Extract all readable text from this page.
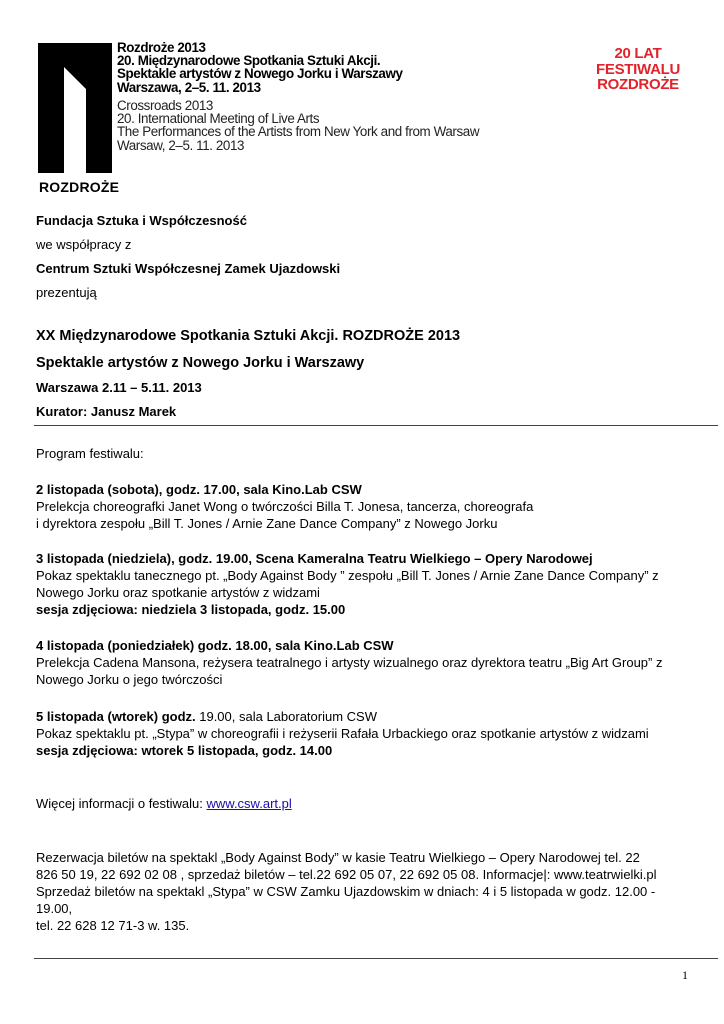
ROZDROŻE
Rozdroże 2013
20. Międzynarodowe Spotkania Sztuki Akcji.
Spektakle artystów z Nowego Jorku i Warszawy
Warszawa, 2–5. 11. 2013
Crossroads 2013
20. International Meeting of Live Arts
The Performances of the Artists from New York and from Warsaw
Warsaw, 2–5. 11. 2013
20 LAT
FESTIWALU
ROZDROŻE
Fundacja Sztuka i Współczesność
we współpracy z
Centrum Sztuki Współczesnej Zamek Ujazdowski
prezentują
XX Międzynarodowe Spotkania Sztuki Akcji. ROZDROŻE 2013
Spektakle artystów z Nowego Jorku i Warszawy
Warszawa 2.11 – 5.11. 2013
Kurator: Janusz Marek
Program festiwalu:
2 listopada (sobota), godz. 17.00, sala Kino.Lab CSW
Prelekcja choreografki Janet Wong o twórczości Billa T. Jonesa, tancerza, choreografa
i dyrektora zespołu „Bill T. Jones / Arnie Zane Dance Company” z Nowego Jorku
3 listopada (niedziela), godz. 19.00, Scena Kameralna Teatru Wielkiego – Opery Narodowej
Pokaz spektaklu tanecznego pt. „Body Against Body ” zespołu „Bill T. Jones / Arnie Zane Dance Company” z
Nowego Jorku oraz spotkanie artystów z widzami
sesja zdjęciowa: niedziela 3 listopada, godz. 15.00
4 listopada (poniedziałek) godz. 18.00, sala Kino.Lab CSW
Prelekcja Cadena Mansona, reżysera teatralnego i artysty wizualnego oraz dyrektora teatru „Big Art Group” z
Nowego Jorku o jego twórczości
5 listopada (wtorek) godz. 19.00, sala Laboratorium CSW
Pokaz spektaklu pt. „Stypa” w choreografii i reżyserii Rafała Urbackiego oraz spotkanie artystów z widzami
sesja zdjęciowa: wtorek 5 listopada, godz. 14.00
Więcej informacji o festiwalu: www.csw.art.pl
Rezerwacja biletów na spektakl „Body Against Body” w kasie Teatru Wielkiego – Opery Narodowej tel. 22
826 50 19, 22 692 02 08 , sprzedaż biletów – tel.22 692 05 07, 22 692 05 08. Informacje|: www.teatrwielki.pl
Sprzedaż biletów na spektakl „Stypa” w CSW Zamku Ujazdowskim w dniach: 4 i 5 listopada w godz. 12.00 -
19.00,
tel. 22 628 12 71-3 w. 135.
1
